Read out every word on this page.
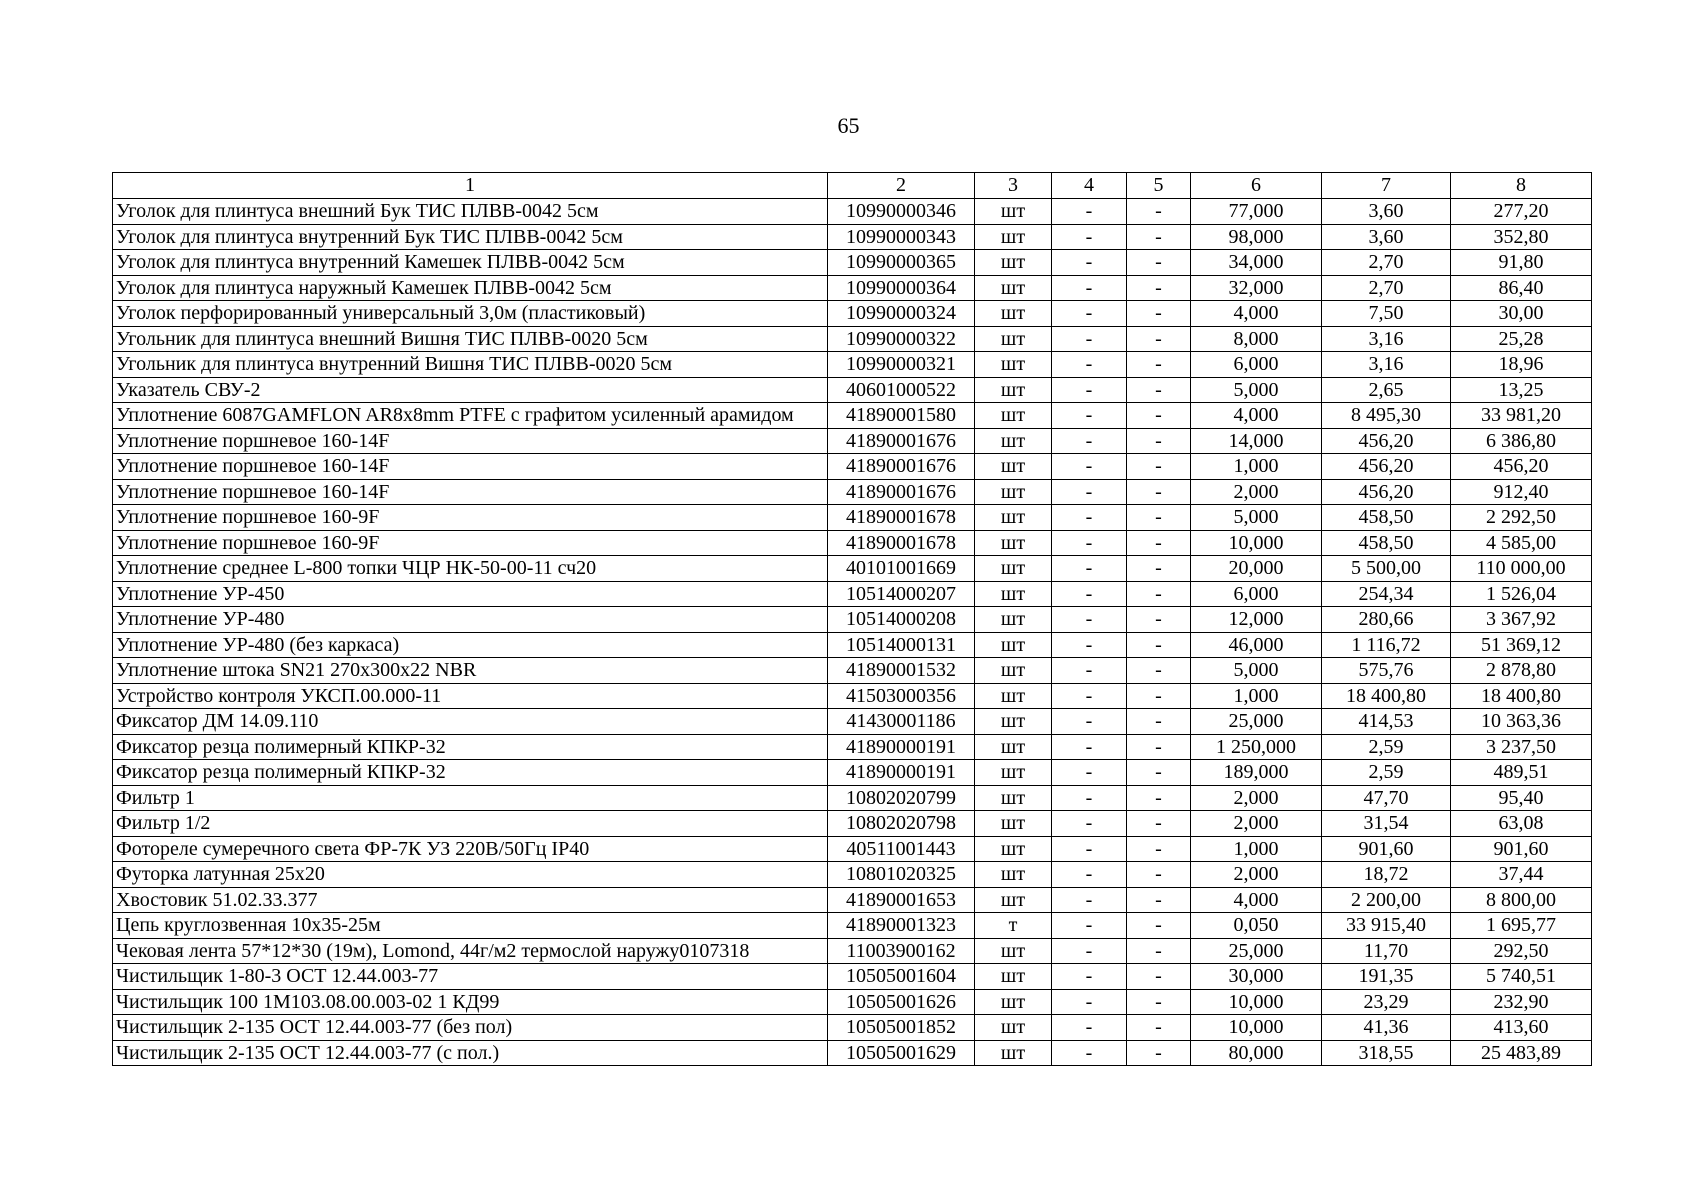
65
1	2	3	4	5	6	7	8
Уголок для плинтуса внешний Бук ТИС ПЛВВ-0042 5см	10990000346	шт	-	-	77,000	3,60	277,20
Уголок для плинтуса внутренний Бук ТИС ПЛВВ-0042 5см	10990000343	шт	-	-	98,000	3,60	352,80
Уголок для плинтуса внутренний Камешек ПЛВВ-0042 5см	10990000365	шт	-	-	34,000	2,70	91,80
Уголок для плинтуса наружный Камешек ПЛВВ-0042 5см	10990000364	шт	-	-	32,000	2,70	86,40
Уголок перфорированный универсальный 3,0м (пластиковый)	10990000324	шт	-	-	4,000	7,50	30,00
Угольник для плинтуса внешний Вишня ТИС ПЛВВ-0020 5см	10990000322	шт	-	-	8,000	3,16	25,28
Угольник для плинтуса внутренний Вишня ТИС ПЛВВ-0020 5см	10990000321	шт	-	-	6,000	3,16	18,96
Указатель СВУ-2	40601000522	шт	-	-	5,000	2,65	13,25
Уплотнение 6087GAMFLON AR8x8mm PTFE с графитом усиленный арамидом	41890001580	шт	-	-	4,000	8 495,30	33 981,20
Уплотнение поршневое 160-14F	41890001676	шт	-	-	14,000	456,20	6 386,80
Уплотнение поршневое 160-14F	41890001676	шт	-	-	1,000	456,20	456,20
Уплотнение поршневое 160-14F	41890001676	шт	-	-	2,000	456,20	912,40
Уплотнение поршневое 160-9F	41890001678	шт	-	-	5,000	458,50	2 292,50
Уплотнение поршневое 160-9F	41890001678	шт	-	-	10,000	458,50	4 585,00
Уплотнение среднее L-800 топки ЧЦР НК-50-00-11 сч20	40101001669	шт	-	-	20,000	5 500,00	110 000,00
Уплотнение УР-450	10514000207	шт	-	-	6,000	254,34	1 526,04
Уплотнение УР-480	10514000208	шт	-	-	12,000	280,66	3 367,92
Уплотнение УР-480 (без каркаса)	10514000131	шт	-	-	46,000	1 116,72	51 369,12
Уплотнение штока SN21 270x300x22 NBR	41890001532	шт	-	-	5,000	575,76	2 878,80
Устройство контроля УКСП.00.000-11	41503000356	шт	-	-	1,000	18 400,80	18 400,80
Фиксатор ДМ 14.09.110	41430001186	шт	-	-	25,000	414,53	10 363,36
Фиксатор резца полимерный КПКР-32	41890000191	шт	-	-	1 250,000	2,59	3 237,50
Фиксатор резца полимерный КПКР-32	41890000191	шт	-	-	189,000	2,59	489,51
Фильтр 1	10802020799	шт	-	-	2,000	47,70	95,40
Фильтр 1/2	10802020798	шт	-	-	2,000	31,54	63,08
Фотореле сумеречного света ФР-7К УЗ 220В/50Гц IP40	40511001443	шт	-	-	1,000	901,60	901,60
Футорка латунная 25х20	10801020325	шт	-	-	2,000	18,72	37,44
Хвостовик 51.02.33.377	41890001653	шт	-	-	4,000	2 200,00	8 800,00
Цепь круглозвенная 10х35-25м	41890001323	т	-	-	0,050	33 915,40	1 695,77
Чековая лента 57*12*30 (19м), Lomond, 44г/м2 термослой наружу0107318	11003900162	шт	-	-	25,000	11,70	292,50
Чистильщик 1-80-3 ОСТ 12.44.003-77	10505001604	шт	-	-	30,000	191,35	5 740,51
Чистильщик 100 1М103.08.00.003-02 1 КД99	10505001626	шт	-	-	10,000	23,29	232,90
Чистильщик 2-135 ОСТ 12.44.003-77 (без пол)	10505001852	шт	-	-	10,000	41,36	413,60
Чистильщик 2-135 ОСТ 12.44.003-77 (с пол.)	10505001629	шт	-	-	80,000	318,55	25 483,89
